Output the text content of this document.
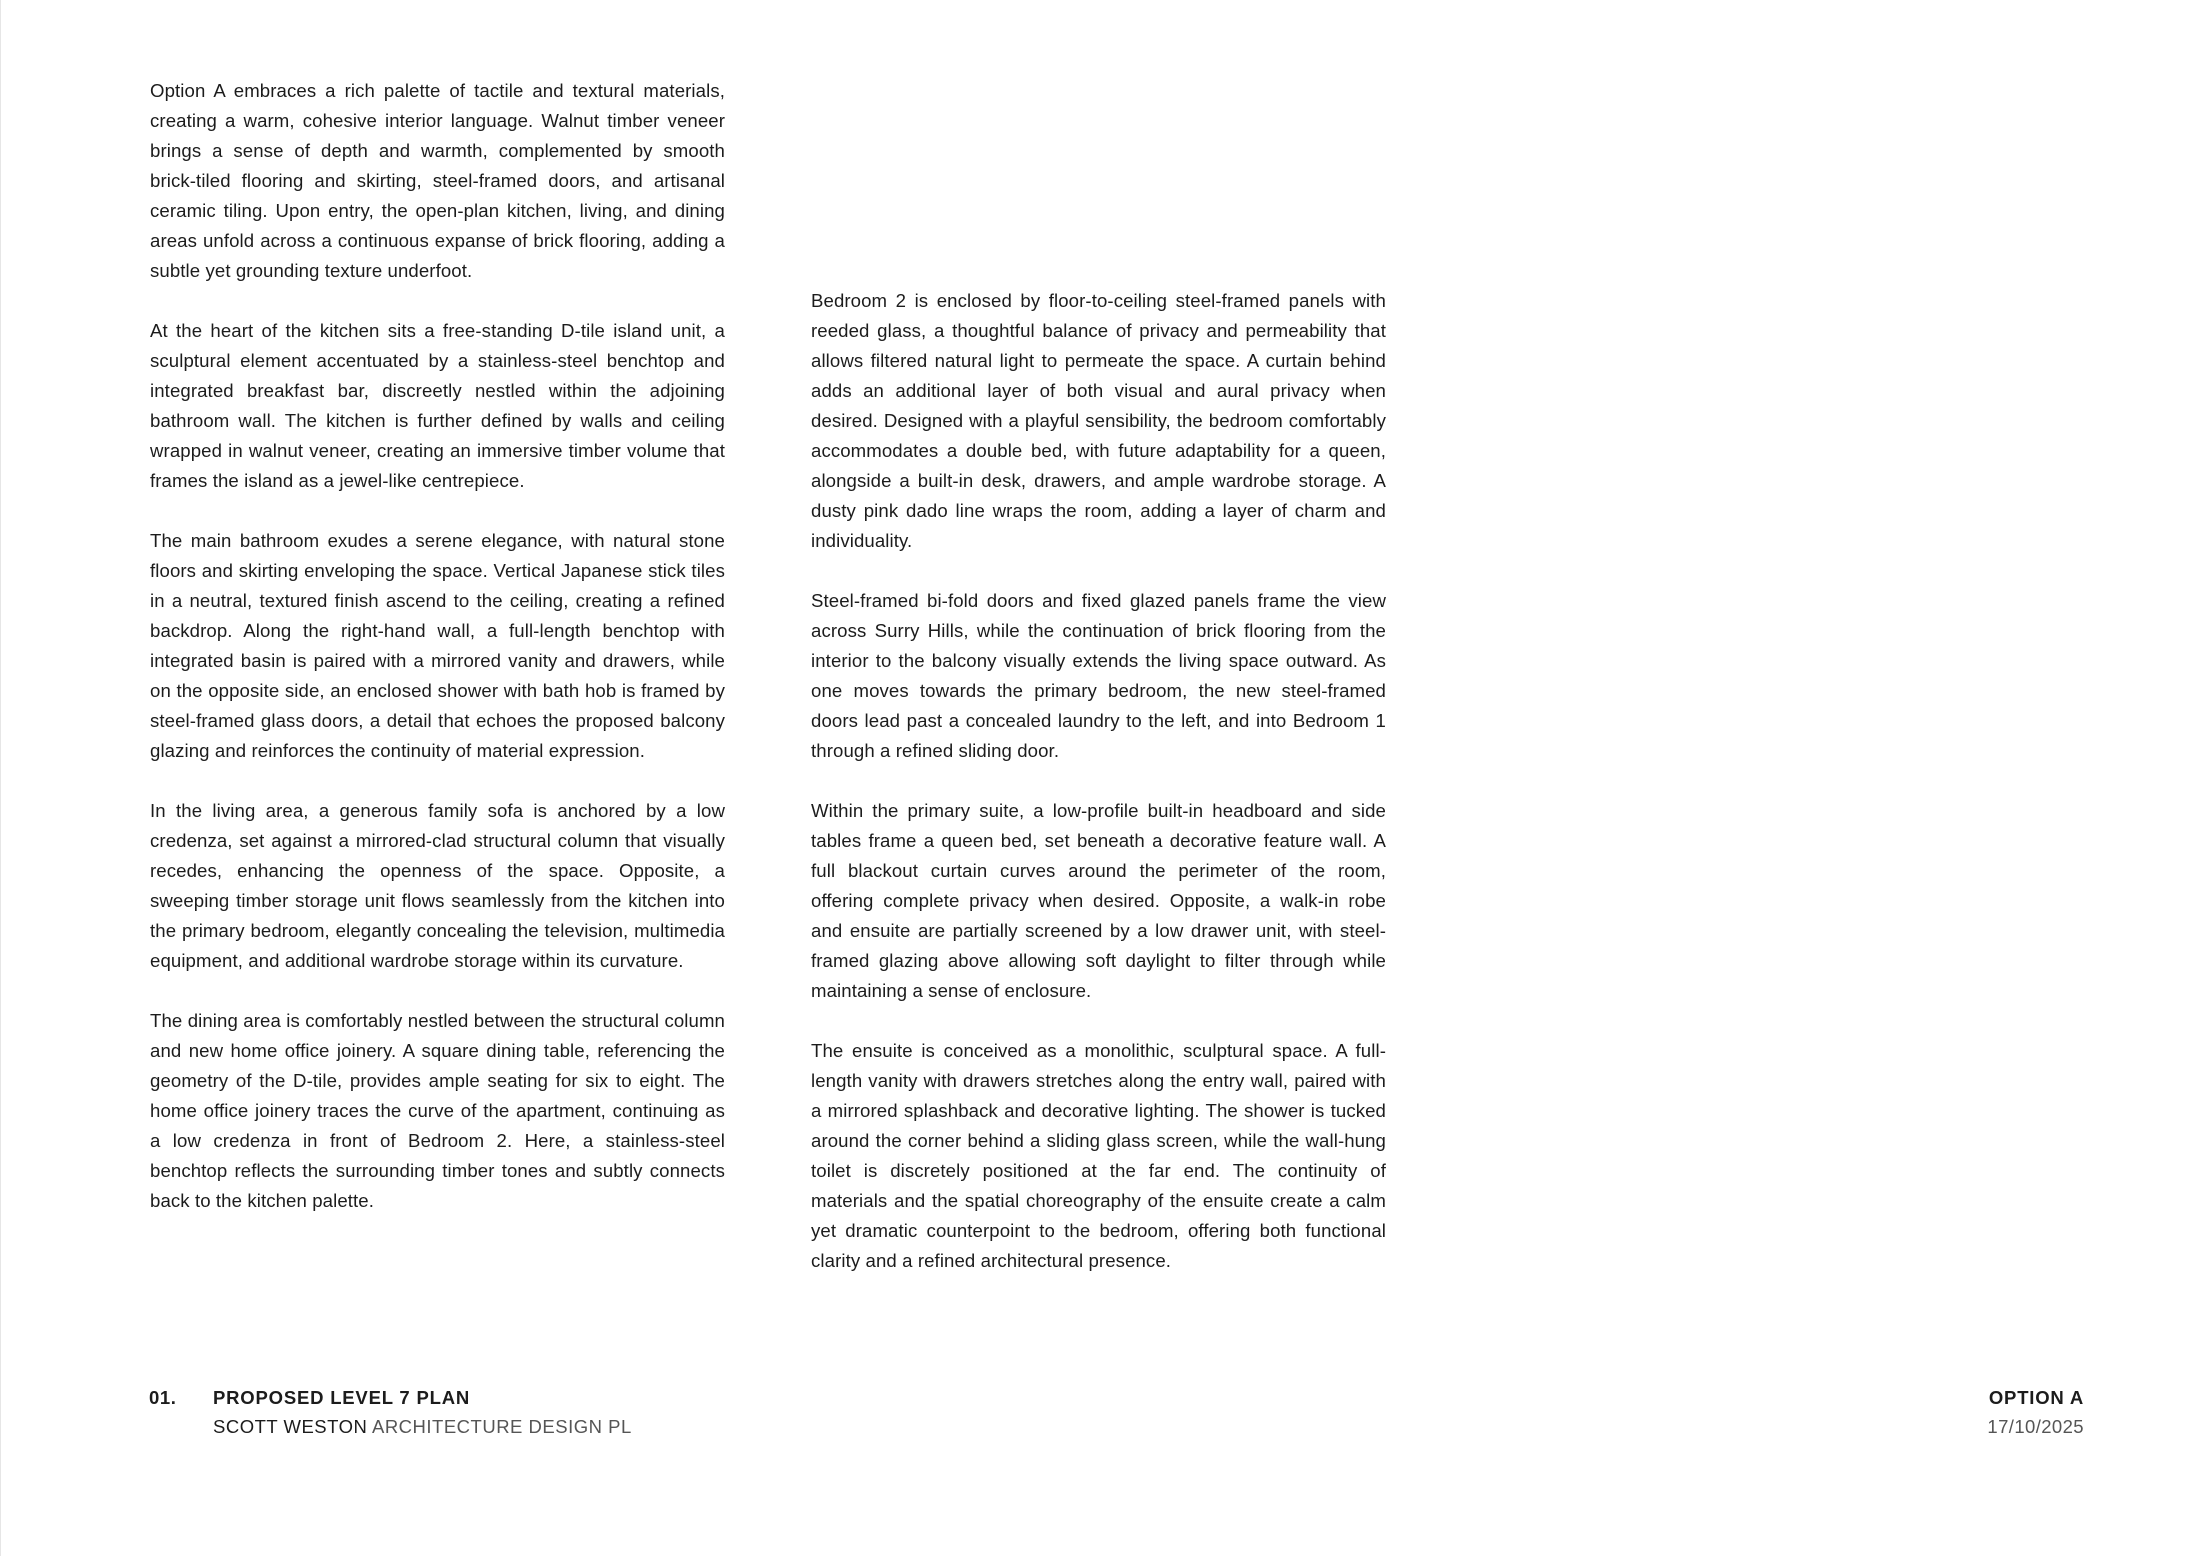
Option A embraces a rich palette of tactile and textural materials, creating a warm, cohesive interior language. Walnut timber veneer brings a sense of depth and warmth, complemented by smooth brick-tiled flooring and skirting, steel-framed doors, and artisanal ceramic tiling. Upon entry, the open-plan kitchen, living, and dining areas unfold across a continuous expanse of brick flooring, adding a subtle yet grounding texture underfoot.

At the heart of the kitchen sits a free-standing D-tile island unit, a sculptural element accentuated by a stainless-steel benchtop and integrated breakfast bar, discreetly nestled within the adjoining bathroom wall. The kitchen is further defined by walls and ceiling wrapped in walnut veneer, creating an immersive timber volume that frames the island as a jewel-like centrepiece.

The main bathroom exudes a serene elegance, with natural stone floors and skirting enveloping the space. Vertical Japanese stick tiles in a neutral, textured finish ascend to the ceiling, creating a refined backdrop. Along the right-hand wall, a full-length benchtop with integrated basin is paired with a mirrored vanity and drawers, while on the opposite side, an enclosed shower with bath hob is framed by steel-framed glass doors, a detail that echoes the proposed balcony glazing and reinforces the continuity of material expression.

In the living area, a generous family sofa is anchored by a low credenza, set against a mirrored-clad structural column that visually recedes, enhancing the openness of the space. Opposite, a sweeping timber storage unit flows seamlessly from the kitchen into the primary bedroom, elegantly concealing the television, multimedia equipment, and additional wardrobe storage within its curvature.

The dining area is comfortably nestled between the structural column and new home office joinery. A square dining table, referencing the geometry of the D-tile, provides ample seating for six to eight. The home office joinery traces the curve of the apartment, continuing as a low credenza in front of Bedroom 2. Here, a stainless-steel benchtop reflects the surrounding timber tones and subtly connects back to the kitchen palette.

Bedroom 2 is enclosed by floor-to-ceiling steel-framed panels with reeded glass, a thoughtful balance of privacy and permeability that allows filtered natural light to permeate the space. A curtain behind adds an additional layer of both visual and aural privacy when desired. Designed with a playful sensibility, the bedroom comfortably accommodates a double bed, with future adaptability for a queen, alongside a built-in desk, drawers, and ample wardrobe storage. A dusty pink dado line wraps the room, adding a layer of charm and individuality.

Steel-framed bi-fold doors and fixed glazed panels frame the view across Surry Hills, while the continuation of brick flooring from the interior to the balcony visually extends the living space outward. As one moves towards the primary bedroom, the new steel-framed doors lead past a concealed laundry to the left, and into Bedroom 1 through a refined sliding door.

Within the primary suite, a low-profile built-in headboard and side tables frame a queen bed, set beneath a decorative feature wall. A full blackout curtain curves around the perimeter of the room, offering complete privacy when desired. Opposite, a walk-in robe and ensuite are partially screened by a low drawer unit, with steel-framed glazing above allowing soft daylight to filter through while maintaining a sense of enclosure.

The ensuite is conceived as a monolithic, sculptural space. A full-length vanity with drawers stretches along the entry wall, paired with a mirrored splashback and decorative lighting. The shower is tucked around the corner behind a sliding glass screen, while the wall-hung toilet is discretely positioned at the far end. The continuity of materials and the spatial choreography of the ensuite create a calm yet dramatic counterpoint to the bedroom, offering both functional clarity and a refined architectural presence.

01. PROPOSED LEVEL 7 PLAN
SCOTT WESTON ARCHITECTURE DESIGN PL
OPTION A
17/10/2025
